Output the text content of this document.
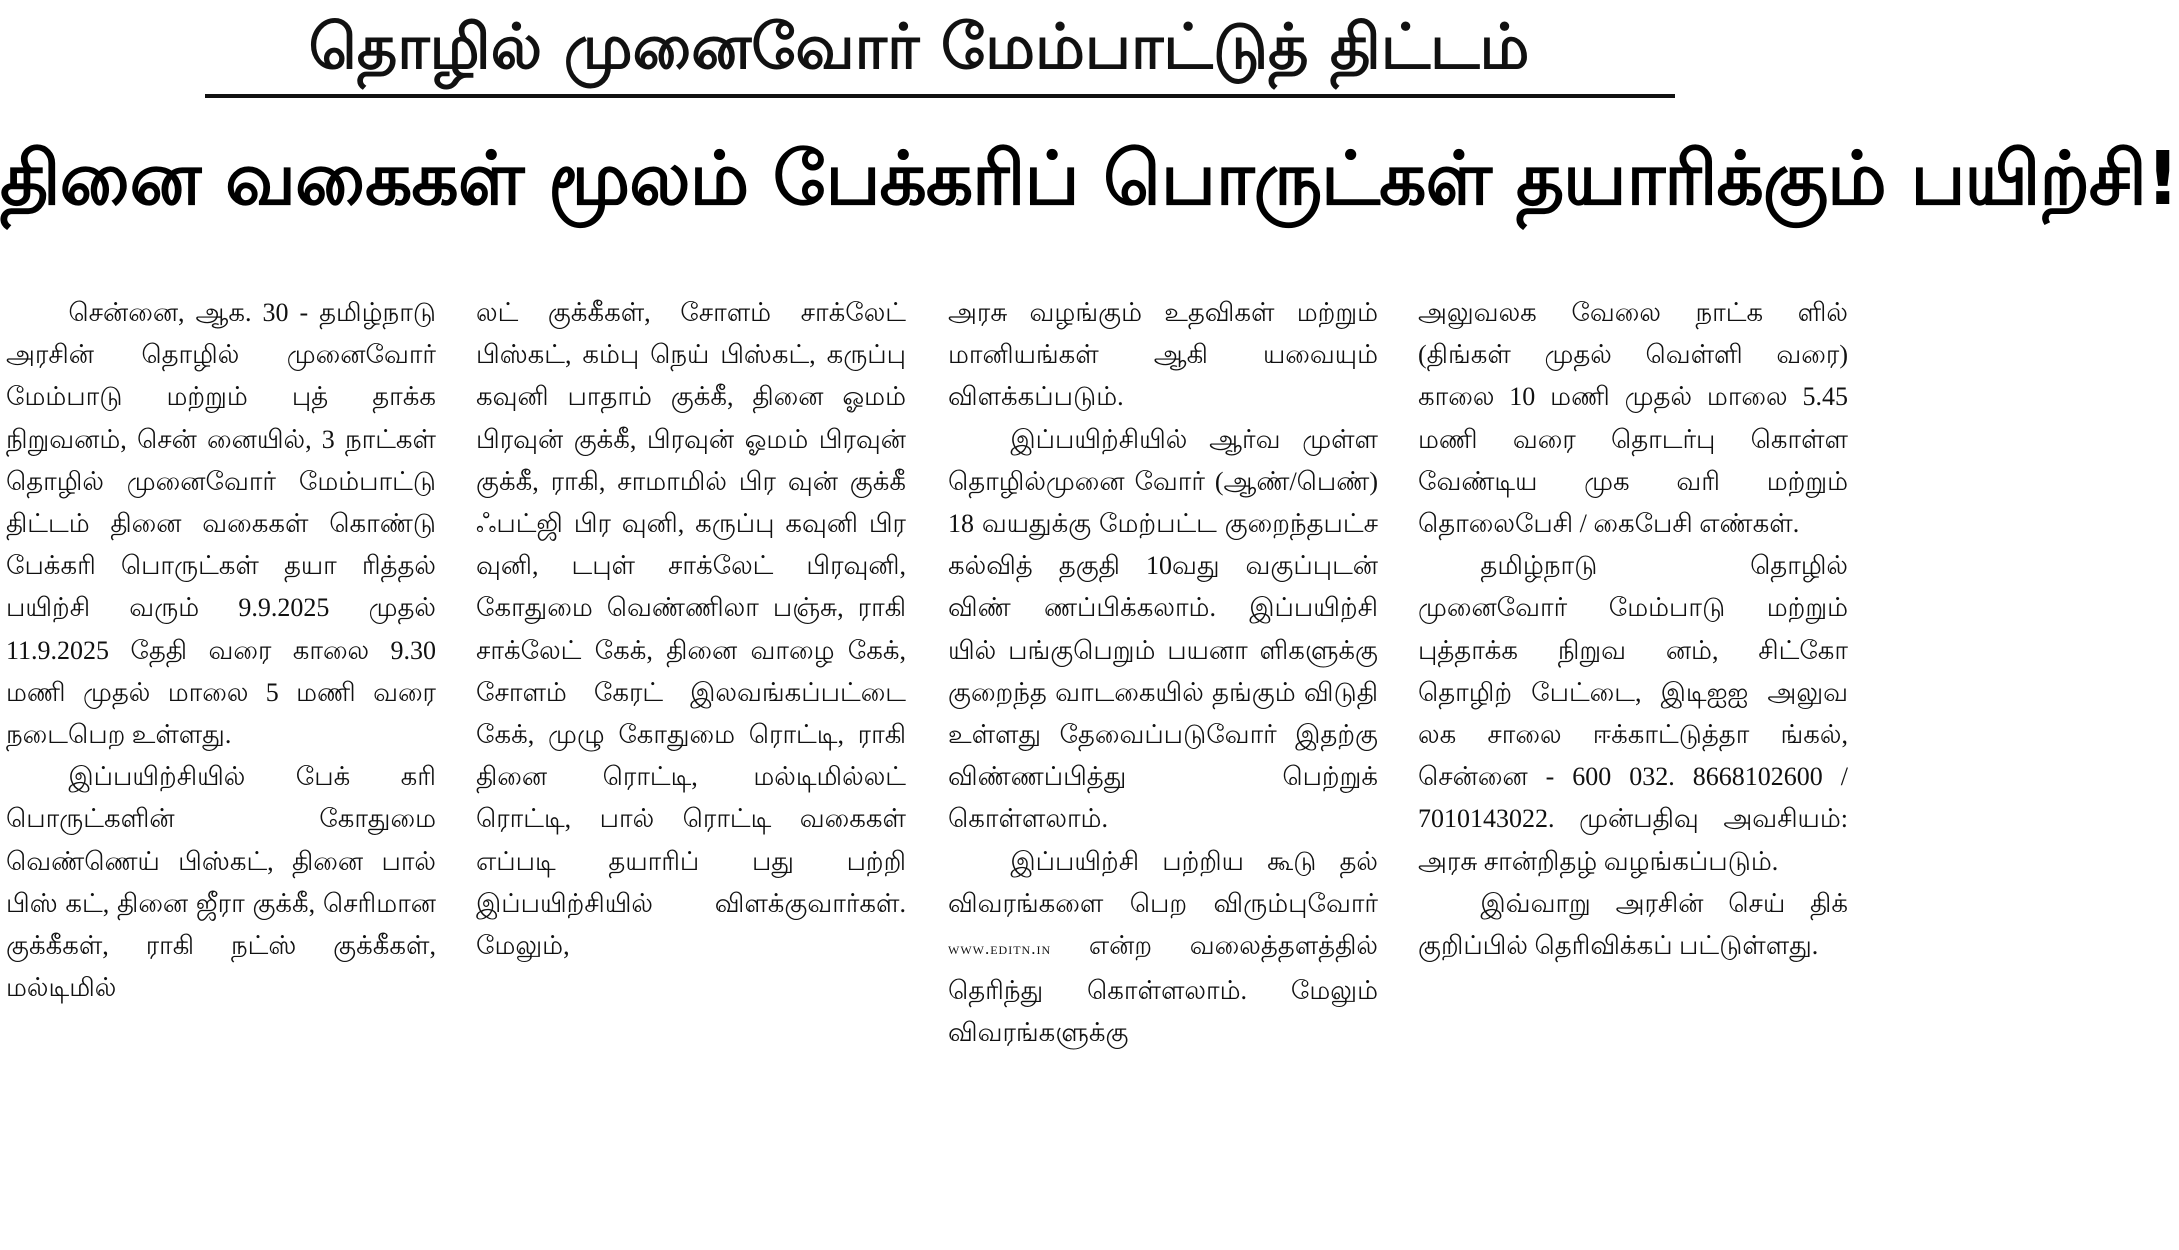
தொழில் முனைவோர் மேம்பாட்டுத் திட்டம்
தினை வகைகள் மூலம் பேக்கரிப் பொருட்கள் தயாரிக்கும் பயிற்சி!

சென்னை, ஆக. 30 - தமிழ்நாடு அரசின் தொழில் முனைவோர் மேம்பாடு மற்றும் புத் தாக்க நிறுவனம், சென் னையில், 3 நாட்கள் தொழில் முனைவோர் மேம்பாட்டு திட்டம் தினை வகைகள் கொண்டு பேக்கரி பொருட்கள் தயா ரித்தல் பயிற்சி வரும் 9.9.2025 முதல் 11.9.2025 தேதி வரை காலை 9.30 மணி முதல் மாலை 5 மணி வரை நடைபெற உள்ளது.

இப்பயிற்சியில் பேக் கரி பொருட்களின் கோதுமை வெண்ணெய் பிஸ்கட், தினை பால் பிஸ் கட், தினை ஜீரா குக்கீ, செரிமான குக்கீகள், ராகி நட்ஸ் குக்கீகள், மல்டிமில்

லட் குக்கீகள், சோளம் சாக்லேட் பிஸ்கட், கம்பு நெய் பிஸ்கட், கருப்பு கவுனி பாதாம் குக்கீ, தினை ஓமம் பிரவுன் குக்கீ, பிரவுன் ஓமம் பிரவுன் குக்கீ, ராகி, சாமாமில் பிர வுன் குக்கீ ஃபட்ஜி பிர வுனி, கருப்பு கவுனி பிர வுனி, டபுள் சாக்லேட் பிரவுனி, கோதுமை வெண்ணிலா பஞ்சு, ராகி சாக்லேட் கேக், தினை வாழை கேக், சோளம் கேரட் இலவங்கப்பட்டை கேக், முழு கோதுமை ரொட்டி, ராகி தினை ரொட்டி, மல்டிமில்லட் ரொட்டி, பால் ரொட்டி வகைகள் எப்படி தயாரிப் பது பற்றி இப்பயிற்சியில் விளக்குவார்கள். மேலும்,

அரசு வழங்கும் உதவிகள் மற்றும் மானியங்கள் ஆகி யவையும் விளக்கப்படும்.

இப்பயிற்சியில் ஆர்வ முள்ள தொழில்முனை வோர் (ஆண்/பெண்) 18 வயதுக்கு மேற்பட்ட குறைந்தபட்ச கல்வித் தகுதி 10வது வகுப்புடன் விண் ணப்பிக்கலாம். இப்பயிற்சி யில் பங்குபெறும் பயனா ளிகளுக்கு குறைந்த வாடகையில் தங்கும் விடுதி உள்ளது தேவைப்படுவோர் இதற்கு விண்ணப்பித்து பெற்றுக் கொள்ளலாம்.

இப்பயிற்சி பற்றிய கூடு தல் விவரங்களை பெற விரும்புவோர் www.editn.in என்ற வலைத்தளத்தில் தெரிந்து கொள்ளலாம். மேலும் விவரங்களுக்கு

அலுவலக வேலை நாட்க ளில் (திங்கள் முதல் வெள்ளி வரை) காலை 10 மணி முதல் மாலை 5.45 மணி வரை தொடர்பு கொள்ள வேண்டிய முக வரி மற்றும் தொலைபேசி / கைபேசி எண்கள்.

தமிழ்நாடு தொழில் முனைவோர் மேம்பாடு மற்றும் புத்தாக்க நிறுவ னம், சிட்கோ தொழிற் பேட்டை, இடிஐஐ அலுவ லக சாலை ஈக்காட்டுத்தா ங்கல், சென்னை - 600 032. 8668102600 / 7010143022. முன்பதிவு அவசியம்: அரசு சான்றிதழ் வழங்கப்படும்.

இவ்வாறு அரசின் செய் திக் குறிப்பில் தெரிவிக்கப் பட்டுள்ளது.
